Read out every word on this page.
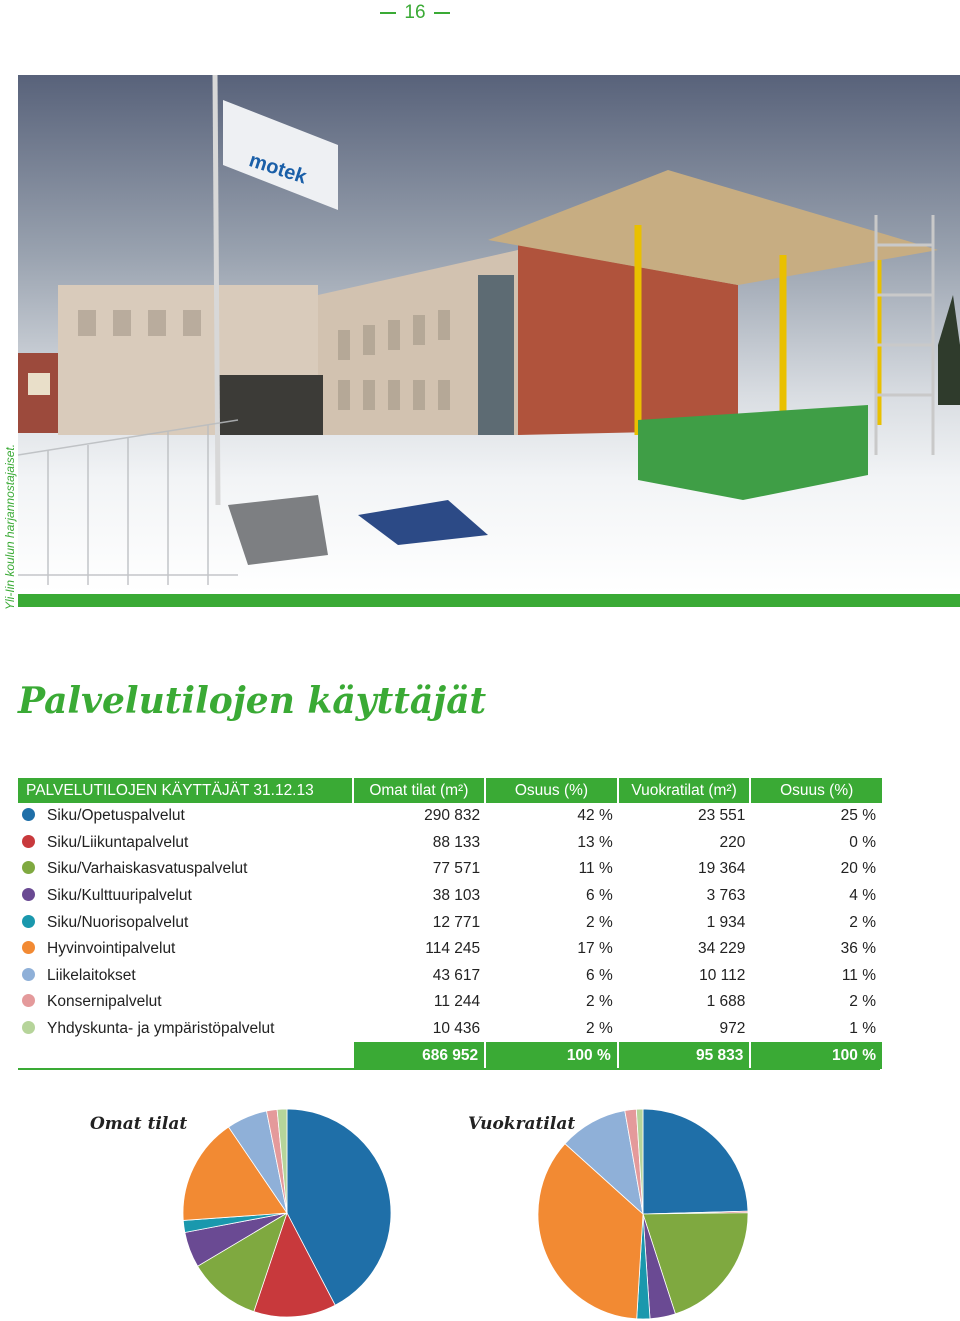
16
motek
Yli-Iin koulun harjannostajaiset.
Palvelutilojen käyttäjät
PALVELUTILOJEN KÄYTTÄJÄT 31.12.13	Omat tilat (m²)	Osuus (%)	Vuokratilat (m²)	Osuus (%)
Siku/Opetuspalvelut	290 832	42 %	23 551	25 %
Siku/Liikuntapalvelut	88 133	13 %	220	0 %
Siku/Varhaiskasvatuspalvelut	77 571	11 %	19 364	20 %
Siku/Kulttuuripalvelut	38 103	6 %	3 763	4 %
Siku/Nuorisopalvelut	12 771	2 %	1 934	2 %
Hyvinvointipalvelut	114 245	17 %	34 229	36 %
Liikelaitokset	43 617	6 %	10 112	11 %
Konsernipalvelut	11 244	2 %	1 688	2 %
Yhdyskunta- ja ympäristöpalvelut	10 436	2 %	972	1 %
	686 952	100 %	95 833	100 %
Omat tilat	Vuokratilat
